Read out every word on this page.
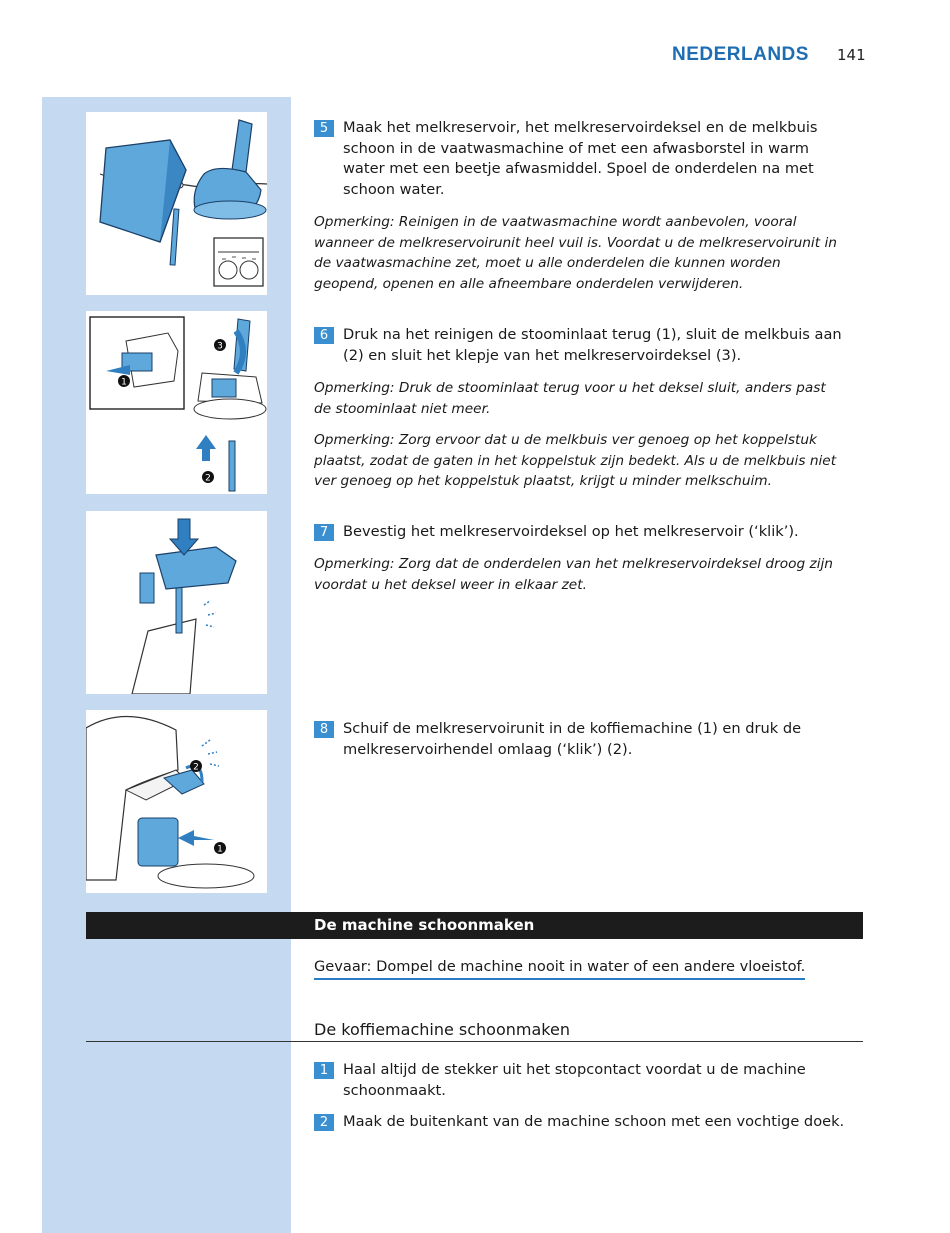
NEDERLANDS 141
5	Maak het melkreservoir, het melkreservoirdeksel en de melkbuis schoon in de vaatwasmachine of met een afwasborstel in warm water met een beetje afwasmiddel. Spoel de onderdelen na met schoon water.
Opmerking: Reinigen in de vaatwasmachine wordt aanbevolen, vooral wanneer de melkreservoirunit heel vuil is. Voordat u de melkreservoirunit in de vaatwasmachine zet, moet u alle onderdelen die kunnen worden geopend, openen en alle afneembare onderdelen verwijderen.
3
1
2
6	Druk na het reinigen de stoominlaat terug (1), sluit de melkbuis aan (2) en sluit het klepje van het melkreservoirdeksel (3).
Opmerking: Druk de stoominlaat terug voor u het deksel sluit, anders past de stoominlaat niet meer.
Opmerking: Zorg ervoor dat u de melkbuis ver genoeg op het koppelstuk plaatst, zodat de gaten in het koppelstuk zijn bedekt. Als u de melkbuis niet ver genoeg op het koppelstuk plaatst, krijgt u minder melkschuim.
7	Bevestig het melkreservoirdeksel op het melkreservoir (‘klik’).
Opmerking: Zorg dat de onderdelen van het melkreservoirdeksel droog zijn voordat u het deksel weer in elkaar zet.
2
1
8	Schuif de melkreservoirunit in de koffiemachine (1) en druk de melkreservoirhendel omlaag (‘klik’) (2).
De machine schoonmaken
Gevaar: Dompel de machine nooit in water of een andere vloeistof.
De koffiemachine schoonmaken
1	Haal altijd de stekker uit het stopcontact voordat u de machine schoonmaakt.
2	Maak de buitenkant van de machine schoon met een vochtige doek.
